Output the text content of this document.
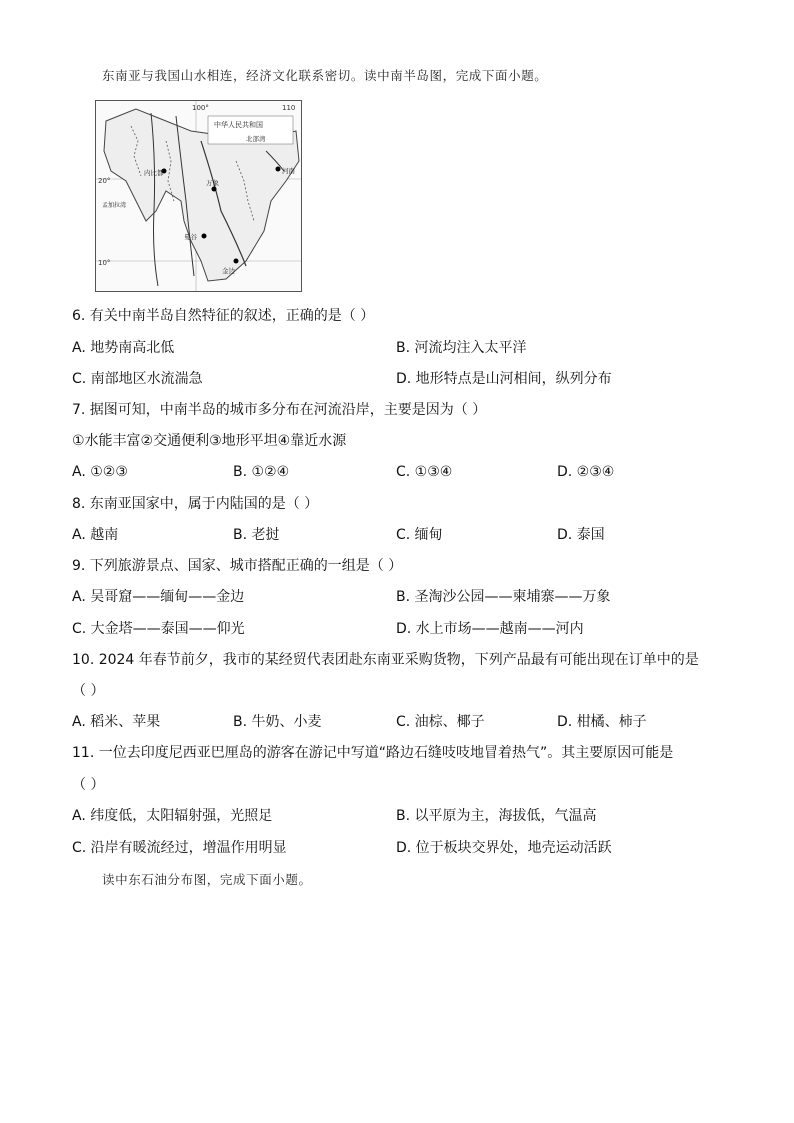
东南亚与我国山水相连，经济文化联系密切。读中南半岛图，完成下面小题。
100°	110
20°
10°
中华人民共和国
北部湾
河南
内比都
万象
曼谷
金边
孟加拉湾
6. 有关中南半岛自然特征的叙述，正确的是（ ）
A. 地势南高北低	B. 河流均注入太平洋
C. 南部地区水流湍急	D. 地形特点是山河相间，纵列分布
7. 据图可知，中南半岛的城市多分布在河流沿岸，主要是因为（ ）
①水能丰富②交通便利③地形平坦④靠近水源
A. ①②③	B. ①②④	C. ①③④	D. ②③④
8. 东南亚国家中，属于内陆国的是（ ）
A. 越南	B. 老挝	C. 缅甸	D. 泰国
9. 下列旅游景点、国家、城市搭配正确的一组是（ ）
A. 吴哥窟——缅甸——金边	B. 圣淘沙公园——柬埔寨——万象
C. 大金塔——泰国——仰光	D. 水上市场——越南——河内
10. 2024 年春节前夕，我市的某经贸代表团赴东南亚采购货物，下列产品最有可能出现在订单中的是
（ ）
A. 稻米、苹果	B. 牛奶、小麦	C. 油棕、椰子	D. 柑橘、柿子
11. 一位去印度尼西亚巴厘岛的游客在游记中写道“路边石缝吱吱地冒着热气”。其主要原因可能是
（ ）
A. 纬度低，太阳辐射强，光照足	B. 以平原为主，海拔低，气温高
C. 沿岸有暖流经过，增温作用明显	D. 位于板块交界处，地壳运动活跃
读中东石油分布图，完成下面小题。
